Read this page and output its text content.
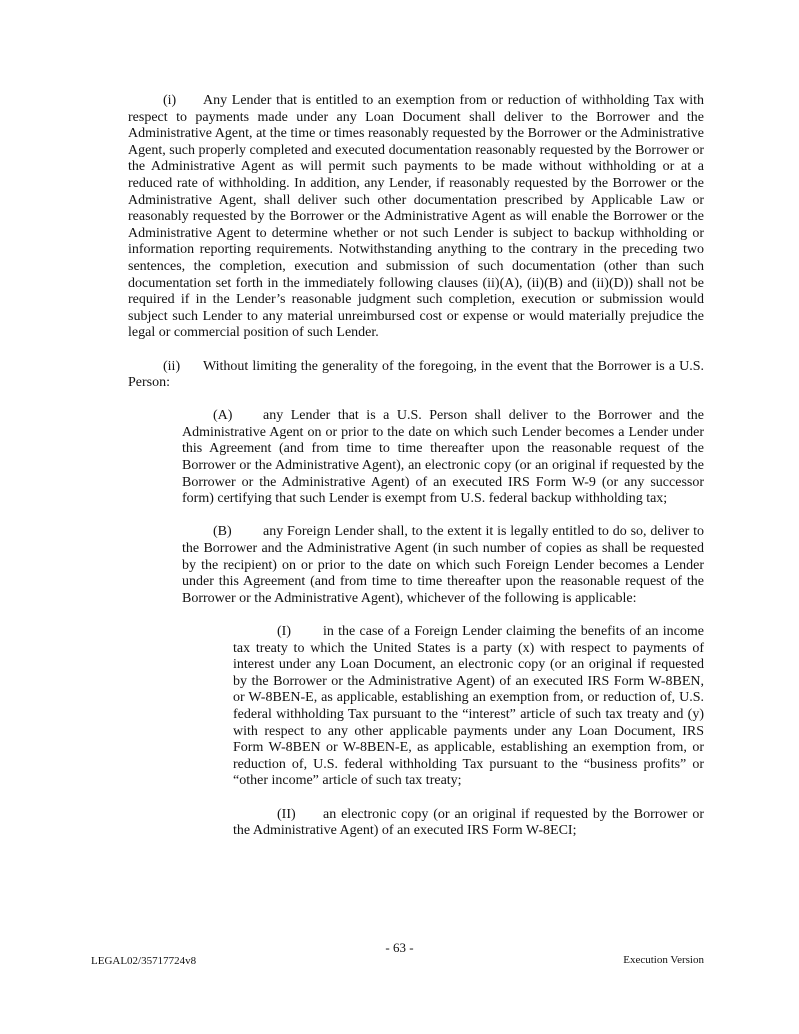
(i) Any Lender that is entitled to an exemption from or reduction of withholding Tax with respect to payments made under any Loan Document shall deliver to the Borrower and the Administrative Agent, at the time or times reasonably requested by the Borrower or the Administrative Agent, such properly completed and executed documentation reasonably requested by the Borrower or the Administrative Agent as will permit such payments to be made without withholding or at a reduced rate of withholding. In addition, any Lender, if reasonably requested by the Borrower or the Administrative Agent, shall deliver such other documentation prescribed by Applicable Law or reasonably requested by the Borrower or the Administrative Agent as will enable the Borrower or the Administrative Agent to determine whether or not such Lender is subject to backup withholding or information reporting requirements. Notwithstanding anything to the contrary in the preceding two sentences, the completion, execution and submission of such documentation (other than such documentation set forth in the immediately following clauses (ii)(A), (ii)(B) and (ii)(D)) shall not be required if in the Lender’s reasonable judgment such completion, execution or submission would subject such Lender to any material unreimbursed cost or expense or would materially prejudice the legal or commercial position of such Lender.
(ii) Without limiting the generality of the foregoing, in the event that the Borrower is a U.S. Person:
(A) any Lender that is a U.S. Person shall deliver to the Borrower and the Administrative Agent on or prior to the date on which such Lender becomes a Lender under this Agreement (and from time to time thereafter upon the reasonable request of the Borrower or the Administrative Agent), an electronic copy (or an original if requested by the Borrower or the Administrative Agent) of an executed IRS Form W-9 (or any successor form) certifying that such Lender is exempt from U.S. federal backup withholding tax;
(B) any Foreign Lender shall, to the extent it is legally entitled to do so, deliver to the Borrower and the Administrative Agent (in such number of copies as shall be requested by the recipient) on or prior to the date on which such Foreign Lender becomes a Lender under this Agreement (and from time to time thereafter upon the reasonable request of the Borrower or the Administrative Agent), whichever of the following is applicable:
(I) in the case of a Foreign Lender claiming the benefits of an income tax treaty to which the United States is a party (x) with respect to payments of interest under any Loan Document, an electronic copy (or an original if requested by the Borrower or the Administrative Agent) of an executed IRS Form W-8BEN, or W-8BEN-E, as applicable, establishing an exemption from, or reduction of, U.S. federal withholding Tax pursuant to the “interest” article of such tax treaty and (y) with respect to any other applicable payments under any Loan Document, IRS Form W-8BEN or W-8BEN-E, as applicable, establishing an exemption from, or reduction of, U.S. federal withholding Tax pursuant to the “business profits” or “other income” article of such tax treaty;
(II) an electronic copy (or an original if requested by the Borrower or the Administrative Agent) of an executed IRS Form W-8ECI;
- 63 -
LEGAL02/35717724v8	Execution Version
